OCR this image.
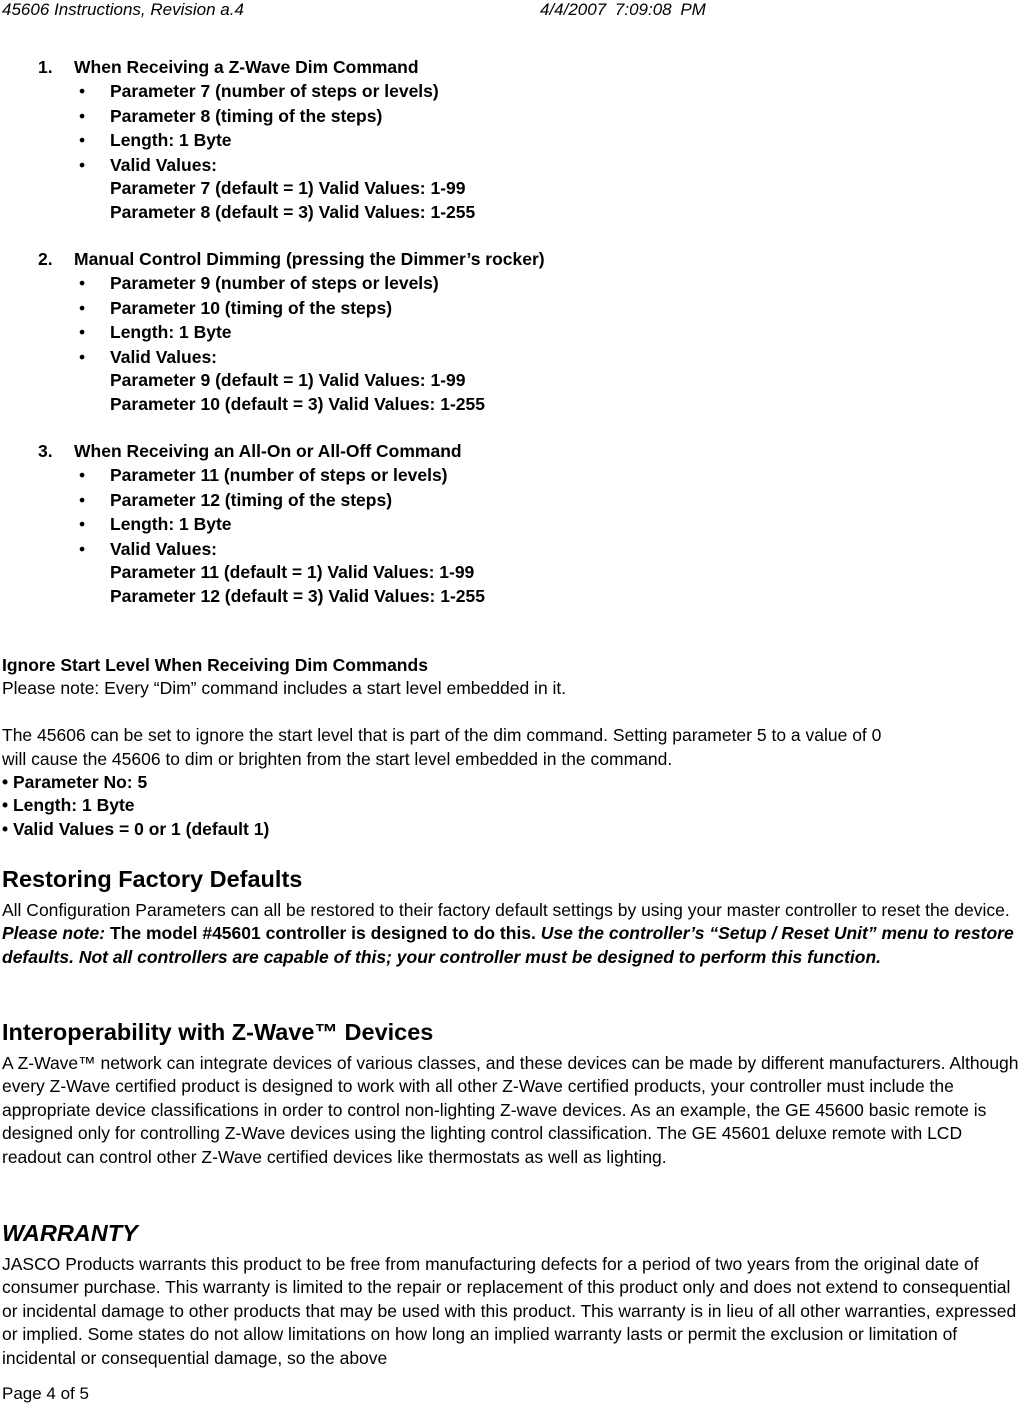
45606 Instructions, Revision a.4	4/4/2007 7:09:08 PM
1. When Receiving a Z-Wave Dim Command
• Parameter 7 (number of steps or levels)
• Parameter 8 (timing of the steps)
• Length: 1 Byte
• Valid Values:
Parameter 7 (default = 1) Valid Values: 1-99
Parameter 8 (default = 3) Valid Values: 1-255
2. Manual Control Dimming (pressing the Dimmer’s rocker)
• Parameter 9 (number of steps or levels)
• Parameter 10 (timing of the steps)
• Length: 1 Byte
• Valid Values:
Parameter 9 (default = 1) Valid Values: 1-99
Parameter 10 (default = 3) Valid Values: 1-255
3. When Receiving an All-On or All-Off Command
• Parameter 11 (number of steps or levels)
• Parameter 12 (timing of the steps)
• Length: 1 Byte
• Valid Values:
Parameter 11 (default = 1) Valid Values: 1-99
Parameter 12 (default = 3) Valid Values: 1-255
Ignore Start Level When Receiving Dim Commands
Please note: Every “Dim” command includes a start level embedded in it.
The 45606 can be set to ignore the start level that is part of the dim command. Setting parameter 5 to a value of 0
will cause the 45606 to dim or brighten from the start level embedded in the command.
• Parameter No: 5
• Length: 1 Byte
• Valid Values = 0 or 1 (default 1)
Restoring Factory Defaults
All Configuration Parameters can all be restored to their factory default settings by using your master controller to reset the device. Please note: The model #45601 controller is designed to do this. Use the controller’s “Setup / Reset Unit” menu to restore defaults. Not all controllers are capable of this; your controller must be designed to perform this function.
Interoperability with Z-Wave™ Devices
A Z-Wave™ network can integrate devices of various classes, and these devices can be made by different manufacturers. Although every Z-Wave certified product is designed to work with all other Z-Wave certified products, your controller must include the appropriate device classifications in order to control non-lighting Z-wave devices. As an example, the GE 45600 basic remote is designed only for controlling Z-Wave devices using the lighting control classification. The GE 45601 deluxe remote with LCD readout can control other Z-Wave certified devices like thermostats as well as lighting.
WARRANTY
JASCO Products warrants this product to be free from manufacturing defects for a period of two years from the original date of consumer purchase. This warranty is limited to the repair or replacement of this product only and does not extend to consequential or incidental damage to other products that may be used with this product. This warranty is in lieu of all other warranties, expressed or implied. Some states do not allow limitations on how long an implied warranty lasts or permit the exclusion or limitation of incidental or consequential damage, so the above
Page 4 of 5
